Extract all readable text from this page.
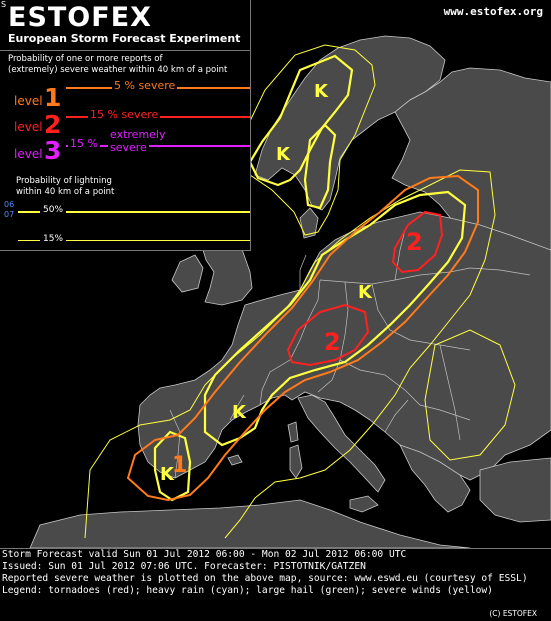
1
2
2
K
K
K
K
K
S ESTOFEX
European Storm Forecast Experiment
Probability of one or more reports of
(extremely) severe weather within 40 km of a point
level 1	5 % severe
level 2	15 % severe
level 3 15 %
extremely
severe
Probability of lightning
within 40 km of a point
06
07	50%
15%
www.estofex.org
Storm Forecast valid Sun 01 Jul 2012 06:00 - Mon 02 Jul 2012 06:00 UTC
Issued: Sun 01 Jul 2012 07:06 UTC. Forecaster: PISTOTNIK/GATZEN
Reported severe weather is plotted on the above map, source: www.eswd.eu (courtesy of ESSL)
Legend: tornadoes (red); heavy rain (cyan); large hail (green); severe winds (yellow)
(C) ESTOFEX
